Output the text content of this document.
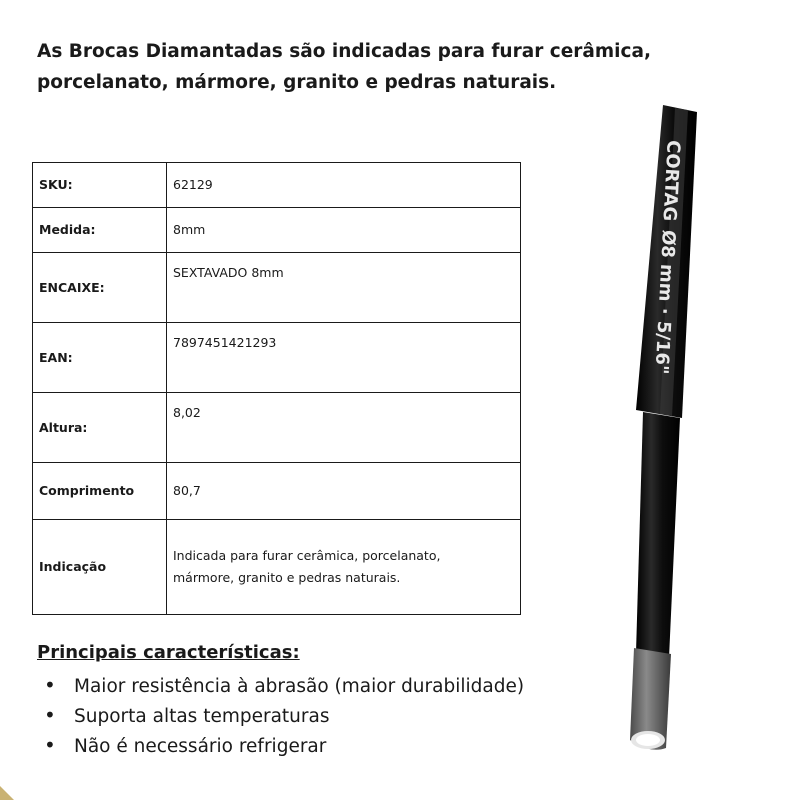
As Brocas Diamantadas são indicadas para furar cerâmica,
porcelanato, mármore, granito e pedras naturais.
SKU:	62129
Medida:	8mm
ENCAIXE:	SEXTAVADO 8mm
EAN:	7897451421293
Altura:	8,02
Comprimento	80,7
Indicação	Indicada para furar cerâmica, porcelanato,
mármore, granito e pedras naturais.
Principais características:
• Maior resistência à abrasão (maior durabilidade)
• Suporta altas temperaturas
• Não é necessário refrigerar
CORTAG
Ø8 mm · 5/16"
